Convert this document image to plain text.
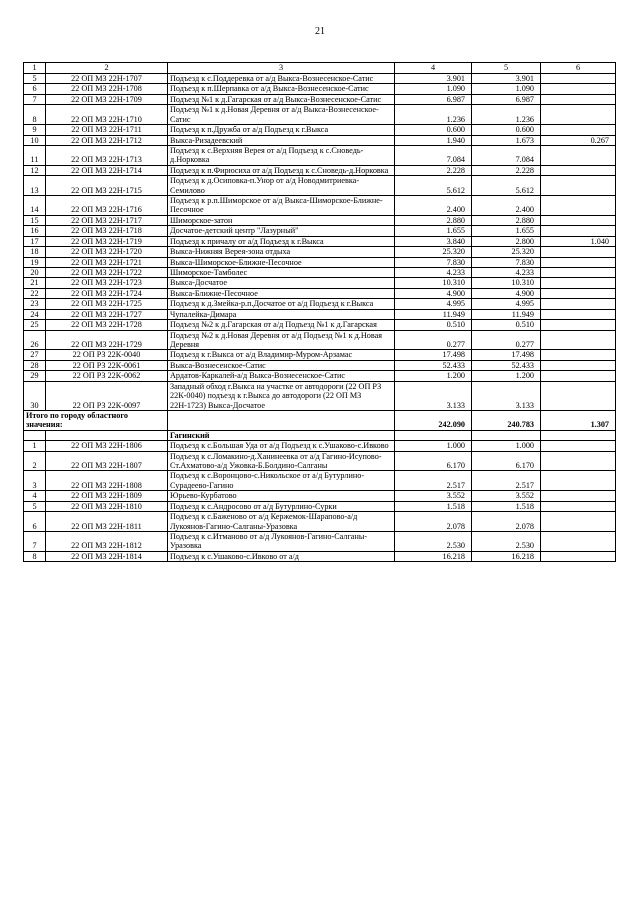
21
1	2	3	4	5	6
5	22 ОП МЗ 22Н-1707	Подъезд к с.Поддеревка от а/д Выкса-Вознесенское-Сатис	3.901	3.901	
6	22 ОП МЗ 22Н-1708	Подъезд к п.Шерпавка от а/д Выкса-Вознесенское-Сатис	1.090	1.090	
7	22 ОП МЗ 22Н-1709	Подъезд №1 к д.Гагарская от а/д Выкса-Вознесенское-Сатис	6.987	6.987	
8	22 ОП МЗ 22Н-1710	Подъезд №1 к д.Новая Деревня от а/д Выкса-Вознесенское-Сатис	1.236	1.236	
9	22 ОП МЗ 22Н-1711	Подъезд к п.Дружба от а/д Подъезд к г.Выкса	0.600	0.600	
10	22 ОП МЗ 22Н-1712	Выкса-Ризадеевский	1.940	1.673	0.267
11	22 ОП МЗ 22Н-1713	Подъезд к с.Верхняя Верея от а/д Подъезд к с.Сноведь-д.Норковка	7.084	7.084	
12	22 ОП МЗ 22Н-1714	Подъезд к п.Фирюсиха от а/д Подъезд к с.Сноведь-д.Норковка	2.228	2.228	
13	22 ОП МЗ 22Н-1715	Подъезд к д.Осиповка-п.Унор от а/д Новодмитриевка-Семилово	5.612	5.612	
14	22 ОП МЗ 22Н-1716	Подъезд к р.п.Шиморское от а/д Выкса-Шиморское-Ближне-Песочное	2.400	2.400	
15	22 ОП МЗ 22Н-1717	Шиморское-затон	2.880	2.880	
16	22 ОП МЗ 22Н-1718	Досчатое-детский центр "Лазурный"	1.655	1.655	
17	22 ОП МЗ 22Н-1719	Подъезд к причалу от а/д Подъезд к г.Выкса	3.840	2.800	1.040
18	22 ОП МЗ 22Н-1720	Выкса-Нижняя Верея-зона отдыха	25.320	25.320	
19	22 ОП МЗ 22Н-1721	Выкса-Шиморское-Ближне-Песочное	7.830	7.830	
20	22 ОП МЗ 22Н-1722	Шиморское-Тамболес	4.233	4.233	
21	22 ОП МЗ 22Н-1723	Выкса-Досчатое	10.310	10.310	
22	22 ОП МЗ 22Н-1724	Выкса-Ближне-Песочное	4.900	4.900	
23	22 ОП МЗ 22Н-1725	Подъезд к д.Змейка-р.п.Досчатое от а/д Подъезд к г.Выкса	4.995	4.995	
24	22 ОП МЗ 22Н-1727	Чупалейка-Димара	11.949	11.949	
25	22 ОП МЗ 22Н-1728	Подъезд №2 к д.Гагарская от а/д Подъезд №1 к д.Гагарская	0.510	0.510	
26	22 ОП МЗ 22Н-1729	Подъезд №2 к д.Новая Деревня от а/д Подъезд №1 к д.Новая Деревня	0.277	0.277	
27	22 ОП РЗ 22К-0040	Подъезд к г.Выкса от а/д Владимир-Муром-Арзамас	17.498	17.498	
28	22 ОП РЗ 22К-0061	Выкса-Вознесенское-Сатис	52.433	52.433	
29	22 ОП РЗ 22К-0062	Ардатов-Каркалей-а/д Выкса-Вознесенское-Сатис	1.200	1.200	
30	22 ОП РЗ 22К-0097	Западный обход г.Выкса на участке от автодороги (22 ОП РЗ 22К-0040) подъезд к г.Выкса до автодороги (22 ОП МЗ 22Н-1723) Выкса-Досчатое	3.133	3.133	
Итого по городу областного значения:			242.090	240.783	1.307
		Гагинский			
1	22 ОП МЗ 22Н-1806	Подъезд к с.Большая Уда от а/д Подъезд к с.Ушаково-с.Ивково	1.000	1.000	
2	22 ОП МЗ 22Н-1807	Подъезд к с.Ломакино-д.Ханинеевка от а/д Гагино-Исупово-Ст.Ахматово-а/д Ужовка-Б.Болдино-Салганы	6.170	6.170	
3	22 ОП МЗ 22Н-1808	Подъезд к с.Воронцово-с.Никольское от а/д Бутурлино-Сурадеево-Гагино	2.517	2.517	
4	22 ОП МЗ 22Н-1809	Юрьево-Курбатово	3.552	3.552	
5	22 ОП МЗ 22Н-1810	Подъезд к с.Андросово от а/д Бутурлино-Сурки	1.518	1.518	
6	22 ОП МЗ 22Н-1811	Подъезд к с.Баженово от а/д Кержемок-Шарапово-а/д Лукоянов-Гагино-Салганы-Уразовка	2.078	2.078	
7	22 ОП МЗ 22Н-1812	Подъезд к с.Итманово от а/д Лукоянов-Гагино-Салганы-Уразовка	2.530	2.530	
8	22 ОП МЗ 22Н-1814	Подъезд к с.Ушаково-с.Ивково от а/д	16.218	16.218	
